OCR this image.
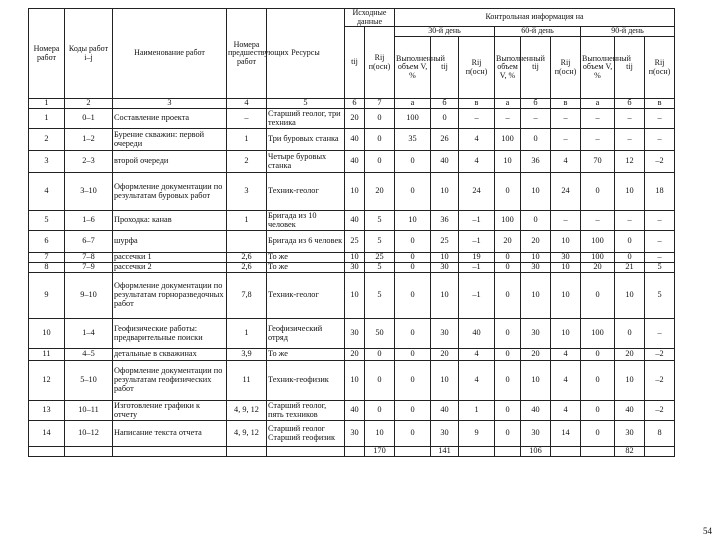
Номера работ	Коды работ i–j	Наименование работ	Номера предшествующих работ	Ресурсы	Исходные данные		Контрольная информация на								
					tij	Rij п(осн)	30-й день			60-й день			90-й день		
							Выполненный объем V, %	tij	Rij п(осн)	Выполненный объем V, %	tij	Rij п(осн)	Выполненный объем V, %	tij	Rij п(осн)
1	2	3	4	5	6	7	а	б	в	а	б	в	а	б	в
1	0–1	Составление проекта	–	Старший геолог, три техника	20	0	100	0	–	–	–	–	–	–	–
2	1–2	Бурение скважин: первой очереди	1	Три буровых станка	40	0	35	26	4	100	0	–	–	–	–
3	2–3	второй очереди	2	Четыре буровых станка	40	0	0	40	4	10	36	4	70	12	–2
4	3–10	Оформление документации по результатам буровых работ	3	Техник-геолог	10	20	0	10	24	0	10	24	0	10	18
5	1–6	Проходка: канав	1	Бригада из 10 человек	40	5	10	36	–1	100	0	–	–	–	–
6	6–7	шурфа		Бригада из 6 человек	25	5	0	25	–1	20	20	10	100	0	–
7	7–8	рассечки 1	2,6	То же	10	25	0	10	19	0	10	30	100	0	–
8	7–9	рассечки 2	2,6	То же	30	5	0	30	–1	0	30	10	20	21	5
9	9–10	Оформление документации по результатам горноразведочных работ	7,8	Техник-геолог	10	5	0	10	–1	0	10	10	0	10	5
10	1–4	Геофизические работы: предварительные поиски	1	Геофизический отряд	30	50	0	30	40	0	30	10	100	0	–
11	4–5	детальные в скважинах	3,9	То же	20	0	0	20	4	0	20	4	0	20	–2
12	5–10	Оформление документации по результатам геофизических работ	11	Техник-геофизик	10	0	0	10	4	0	10	4	0	10	–2
13	10–11	Изготовление графики к отчету	4, 9, 12	Старший геолог, пять техников	40	0	0	40	1	0	40	4	0	40	–2
14	10–12	Написание текста отчета	4, 9, 12	Старший геолог Старший геофизик	30	10	0	30	9	0	30	14	0	30	8
						170		141			106			82	
54
